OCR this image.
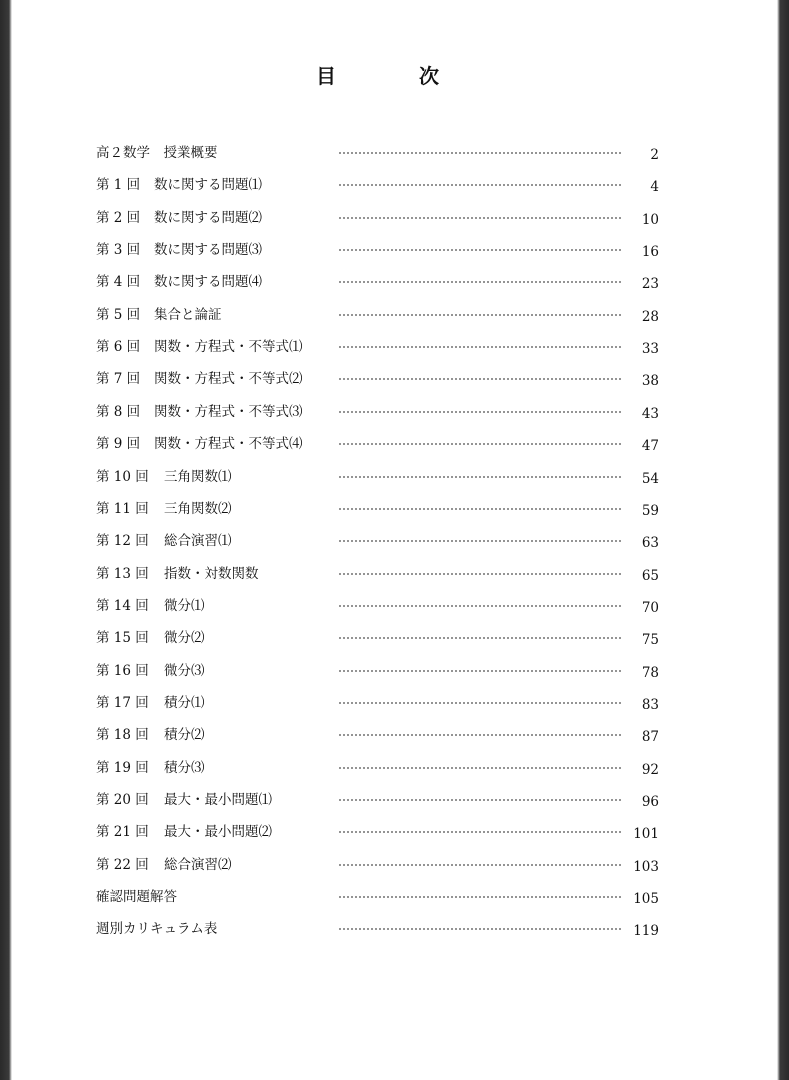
目	次
高２数学　授業概要	2
第 1 回 数に関する問題⑴	4
第 2 回 数に関する問題⑵	10
第 3 回 数に関する問題⑶	16
第 4 回 数に関する問題⑷	23
第 5 回 集合と論証	28
第 6 回 関数・方程式・不等式⑴	33
第 7 回 関数・方程式・不等式⑵	38
第 8 回 関数・方程式・不等式⑶	43
第 9 回 関数・方程式・不等式⑷	47
第 10 回 三角関数⑴	54
第 11 回 三角関数⑵	59
第 12 回 総合演習⑴	63
第 13 回 指数・対数関数	65
第 14 回 微分⑴	70
第 15 回 微分⑵	75
第 16 回 微分⑶	78
第 17 回 積分⑴	83
第 18 回 積分⑵	87
第 19 回 積分⑶	92
第 20 回 最大・最小問題⑴	96
第 21 回 最大・最小問題⑵	101
第 22 回 総合演習⑵	103
確認問題解答	105
週別カリキュラム表	119
